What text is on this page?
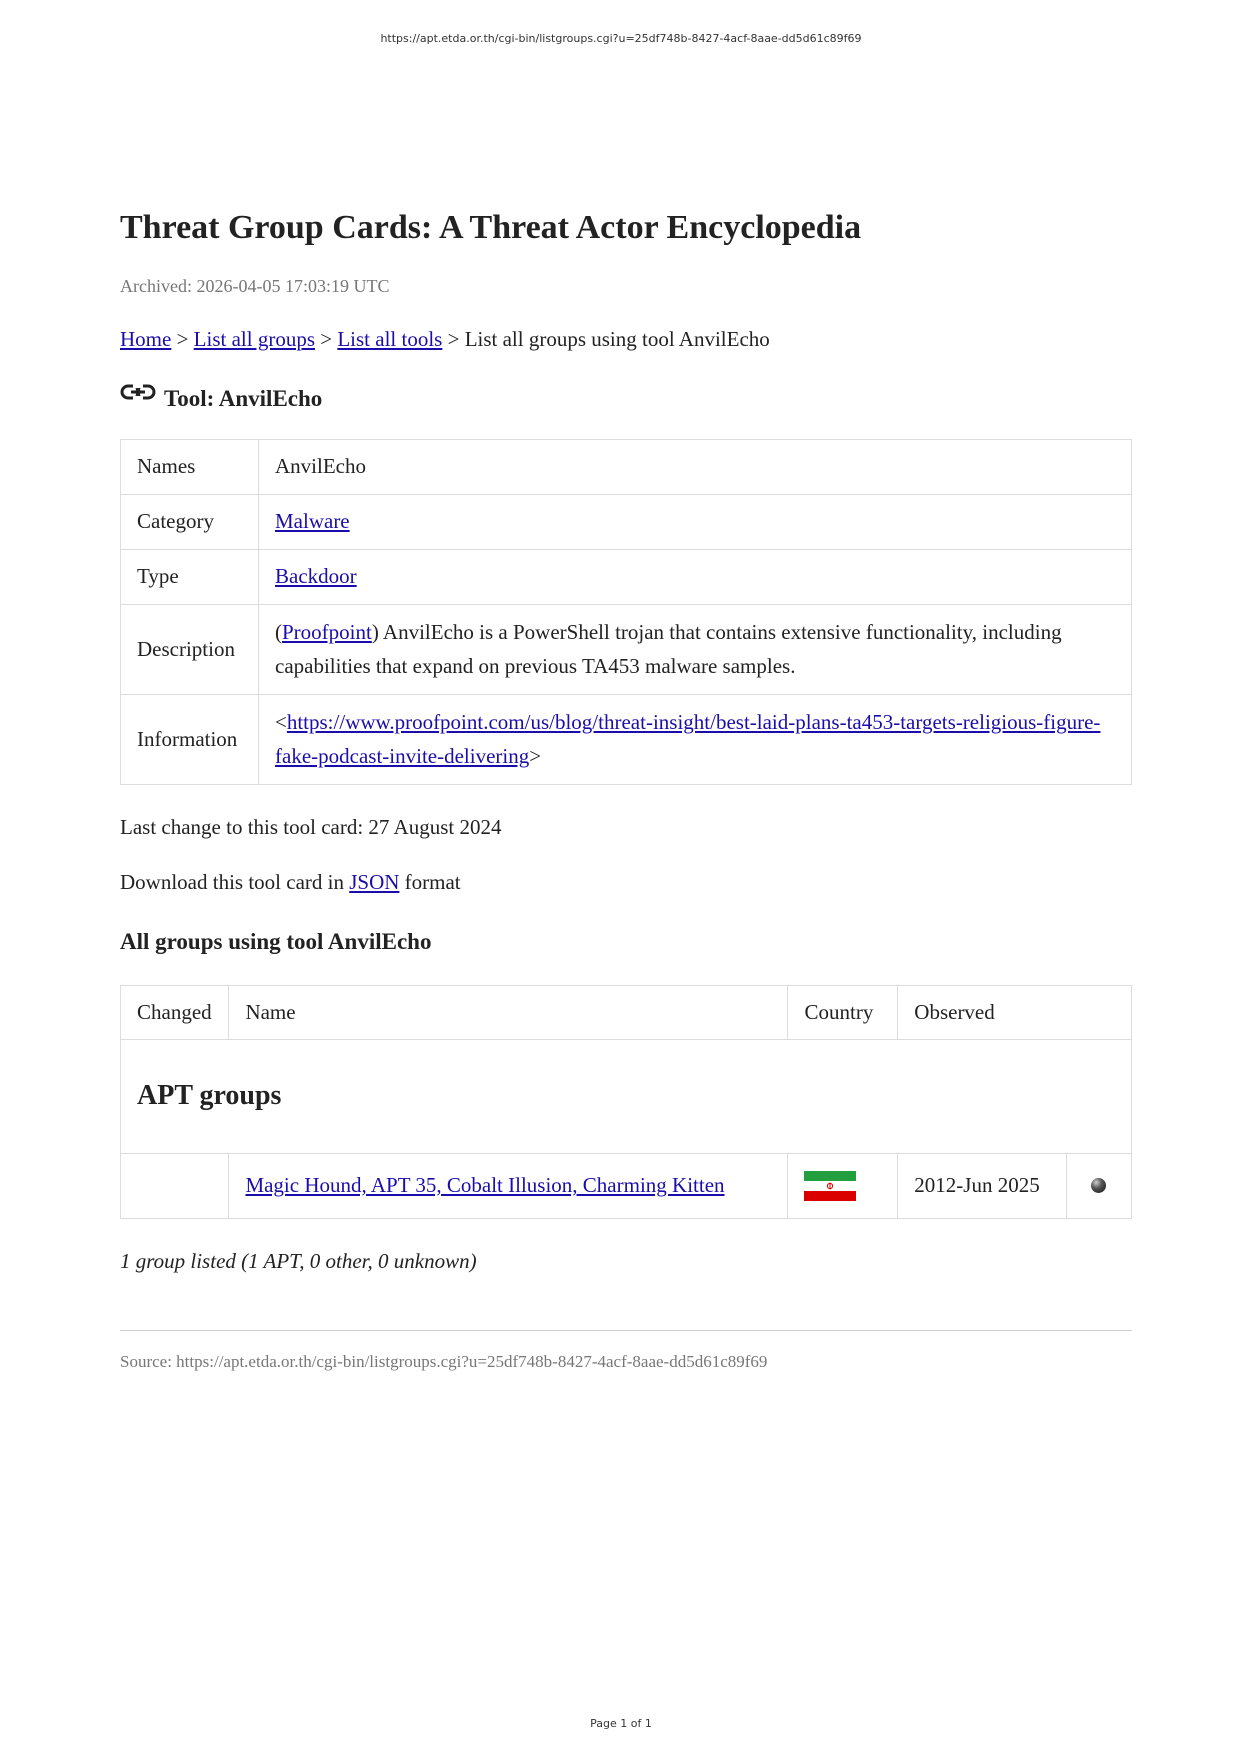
https://apt.etda.or.th/cgi-bin/listgroups.cgi?u=25df748b-8427-4acf-8aae-dd5d61c89f69
Threat Group Cards: A Threat Actor Encyclopedia
Archived: 2026-04-05 17:03:19 UTC
Home > List all groups > List all tools > List all groups using tool AnvilEcho
Tool: AnvilEcho
Names	AnvilEcho
Category	Malware
Type	Backdoor
Description	(Proofpoint) AnvilEcho is a PowerShell trojan that contains extensive functionality, including capabilities that expand on previous TA453 malware samples.
Information	<https://www.proofpoint.com/us/blog/threat-insight/best-laid-plans-ta453-targets-religious-figure-fake-podcast-invite-delivering>
Last change to this tool card: 27 August 2024
Download this tool card in JSON format
All groups using tool AnvilEcho
Changed	Name	Country	Observed	
APT groups				
	Magic Hound, APT 35, Cobalt Illusion, Charming Kitten		2012-Jun 2025	
1 group listed (1 APT, 0 other, 0 unknown)
Source: https://apt.etda.or.th/cgi-bin/listgroups.cgi?u=25df748b-8427-4acf-8aae-dd5d61c89f69
Page 1 of 1
